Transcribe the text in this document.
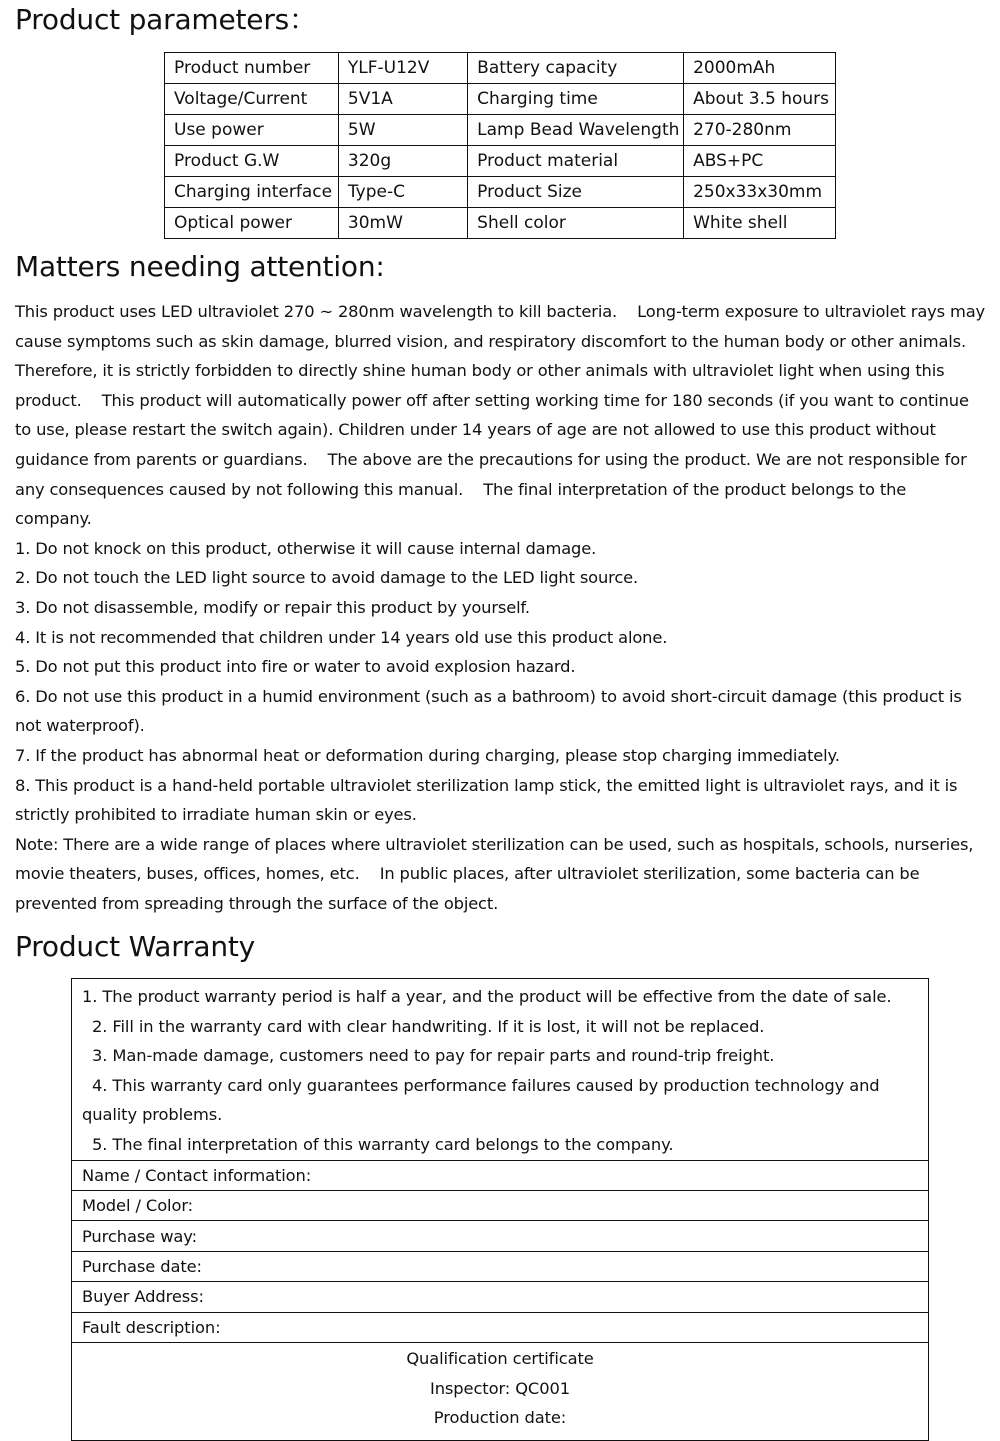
Product parameters：
Product number	YLF-U12V	Battery capacity	2000mAh
Voltage/Current	5V1A	Charging time	About 3.5 hours
Use power	5W	Lamp Bead Wavelength	270-280nm
Product G.W	320g	Product material	ABS+PC
Charging interface	Type-C	Product Size	250x33x30mm
Optical power	30mW	Shell color	White shell
Matters needing attention:

This product uses LED ultraviolet 270 ~ 280nm wavelength to kill bacteria.    Long-term exposure to ultraviolet rays may cause symptoms such as skin damage, blurred vision, and respiratory discomfort to the human body or other animals. Therefore, it is strictly forbidden to directly shine human body or other animals with ultraviolet light when using this product.    This product will automatically power off after setting working time for 180 seconds (if you want to continue to use, please restart the switch again). Children under 14 years of age are not allowed to use this product without guidance from parents or guardians.    The above are the precautions for using the product. We are not responsible for any consequences caused by not following this manual.    The final interpretation of the product belongs to the company.

1. Do not knock on this product, otherwise it will cause internal damage.

2. Do not touch the LED light source to avoid damage to the LED light source.

3. Do not disassemble, modify or repair this product by yourself.

4. It is not recommended that children under 14 years old use this product alone.

5. Do not put this product into fire or water to avoid explosion hazard.

6. Do not use this product in a humid environment (such as a bathroom) to avoid short-circuit damage (this product is not waterproof).

7. If the product has abnormal heat or deformation during charging, please stop charging immediately.

8. This product is a hand-held portable ultraviolet sterilization lamp stick, the emitted light is ultraviolet rays, and it is strictly prohibited to irradiate human skin or eyes.

Note: There are a wide range of places where ultraviolet sterilization can be used, such as hospitals, schools, nurseries, movie theaters, buses, offices, homes, etc.    In public places, after ultraviolet sterilization, some bacteria can be prevented from spreading through the surface of the object.

Product Warranty
1. The product warranty period is half a year, and the product will be effective from the date of sale.
2. Fill in the warranty card with clear handwriting. If it is lost, it will not be replaced.
3. Man-made damage, customers need to pay for repair parts and round-trip freight.
4. This warranty card only guarantees performance failures caused by production technology and quality problems.
5. The final interpretation of this warranty card belongs to the company.

Name / Contact information:
Model / Color:
Purchase way:
Purchase date:
Buyer Address:
Fault description:

Qualification certificate
Inspector: QC001
Production date:
